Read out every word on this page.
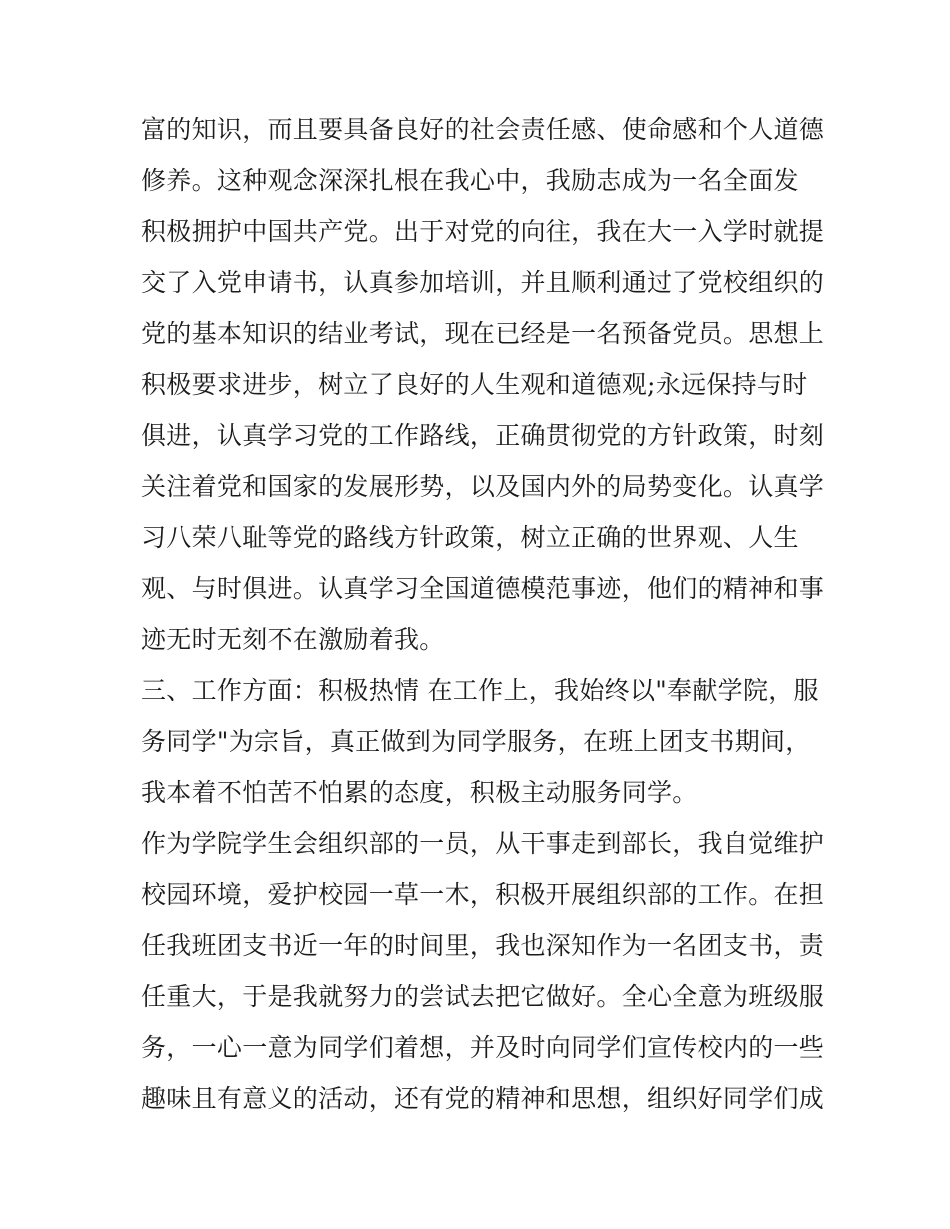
富的知识，而且要具备良好的社会责任感、使命感和个人道德
修养。这种观念深深扎根在我心中，我励志成为一名全面发
积极拥护中国共产党。出于对党的向往，我在大一入学时就提
交了入党申请书，认真参加培训，并且顺利通过了党校组织的
党的基本知识的结业考试，现在已经是一名预备党员。思想上
积极要求进步，树立了良好的人生观和道德观;永远保持与时
俱进，认真学习党的工作路线，正确贯彻党的方针政策，时刻
关注着党和国家的发展形势，以及国内外的局势变化。认真学
习八荣八耻等党的路线方针政策，树立正确的世界观、人生
观、与时俱进。认真学习全国道德模范事迹，他们的精神和事
迹无时无刻不在激励着我。
三、工作方面：积极热情 在工作上，我始终以"奉献学院，服
务同学"为宗旨，真正做到为同学服务，在班上团支书期间，
我本着不怕苦不怕累的态度，积极主动服务同学。
作为学院学生会组织部的一员，从干事走到部长，我自觉维护
校园环境，爱护校园一草一木，积极开展组织部的工作。在担
任我班团支书近一年的时间里，我也深知作为一名团支书，责
任重大，于是我就努力的尝试去把它做好。全心全意为班级服
务，一心一意为同学们着想，并及时向同学们宣传校内的一些
趣味且有意义的活动，还有党的精神和思想，组织好同学们成
